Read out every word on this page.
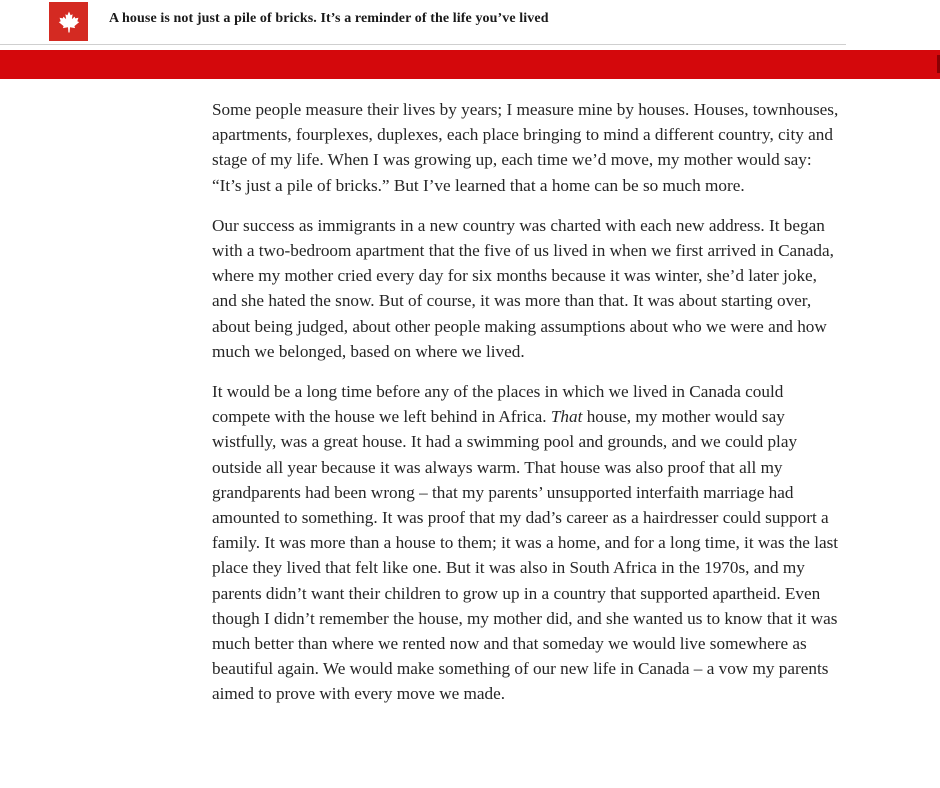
A house is not just a pile of bricks. It’s a reminder of the life you’ve lived

Some people measure their lives by years; I measure mine by houses. Houses, townhouses, apartments, fourplexes, duplexes, each place bringing to mind a different country, city and stage of my life. When I was growing up, each time we’d move, my mother would say: “It’s just a pile of bricks.” But I’ve learned that a home can be so much more.

Our success as immigrants in a new country was charted with each new address. It began with a two-bedroom apartment that the five of us lived in when we first arrived in Canada, where my mother cried every day for six months because it was winter, she’d later joke, and she hated the snow. But of course, it was more than that. It was about starting over, about being judged, about other people making assumptions about who we were and how much we belonged, based on where we lived.

It would be a long time before any of the places in which we lived in Canada could compete with the house we left behind in Africa. That house, my mother would say wistfully, was a great house. It had a swimming pool and grounds, and we could play outside all year because it was always warm. That house was also proof that all my grandparents had been wrong – that my parents’ unsupported interfaith marriage had amounted to something. It was proof that my dad’s career as a hairdresser could support a family. It was more than a house to them; it was a home, and for a long time, it was the last place they lived that felt like one. But it was also in South Africa in the 1970s, and my parents didn’t want their children to grow up in a country that supported apartheid. Even though I didn’t remember the house, my mother did, and she wanted us to know that it was much better than where we rented now and that someday we would live somewhere as beautiful again. We would make something of our new life in Canada – a vow my parents aimed to prove with every move we made.
